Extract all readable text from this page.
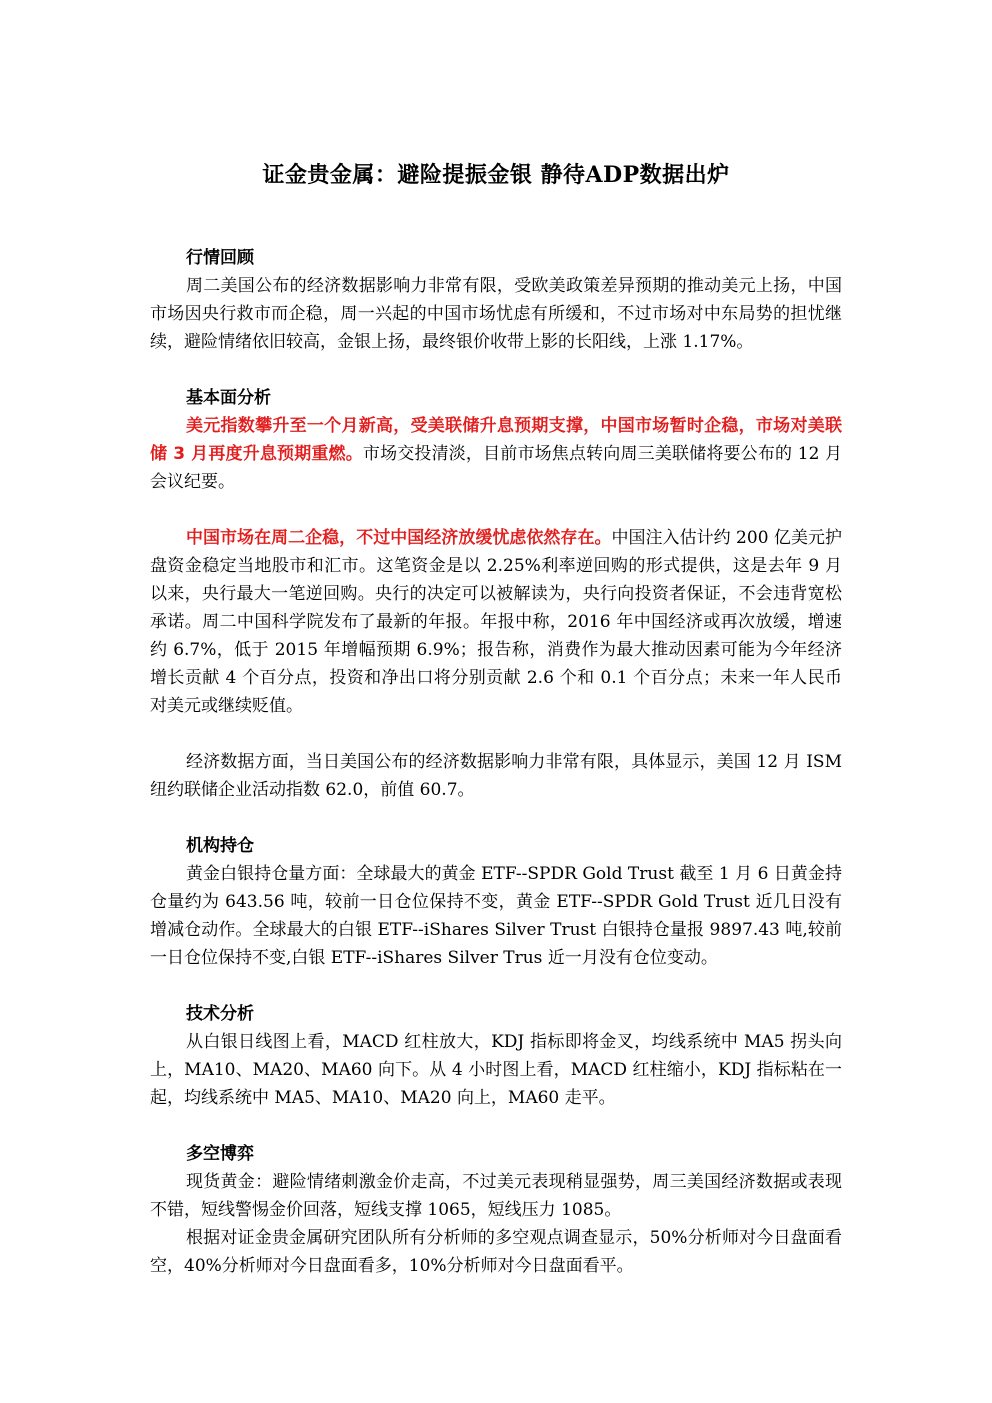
证金贵金属：避险提振金银 静待ADP数据出炉
行情回顾

周二美国公布的经济数据影响力非常有限，受欧美政策差异预期的推动美元上扬，中国市场因央行救市而企稳，周一兴起的中国市场忧虑有所缓和，不过市场对中东局势的担忧继续，避险情绪依旧较高，金银上扬，最终银价收带上影的长阳线，上涨 1.17%。

基本面分析

美元指数攀升至一个月新高，受美联储升息预期支撑，中国市场暂时企稳，市场对美联储 3 月再度升息预期重燃。市场交投清淡，目前市场焦点转向周三美联储将要公布的 12 月会议纪要。

中国市场在周二企稳，不过中国经济放缓忧虑依然存在。中国注入估计约 200 亿美元护盘资金稳定当地股市和汇市。这笔资金是以 2.25%利率逆回购的形式提供，这是去年 9 月以来，央行最大一笔逆回购。央行的决定可以被解读为，央行向投资者保证，不会违背宽松承诺。周二中国科学院发布了最新的年报。年报中称，2016 年中国经济或再次放缓，增速约 6.7%，低于 2015 年增幅预期 6.9%；报告称，消费作为最大推动因素可能为今年经济增长贡献 4 个百分点，投资和净出口将分别贡献 2.6 个和 0.1 个百分点；未来一年人民币对美元或继续贬值。

经济数据方面，当日美国公布的经济数据影响力非常有限，具体显示，美国 12 月 ISM 纽约联储企业活动指数 62.0，前值 60.7。

机构持仓

黄金白银持仓量方面：全球最大的黄金 ETF--SPDR Gold Trust 截至 1 月 6 日黄金持仓量约为 643.56 吨，较前一日仓位保持不变，黄金 ETF--SPDR Gold Trust 近几日没有增减仓动作。全球最大的白银 ETF--iShares Silver Trust 白银持仓量报 9897.43 吨,较前一日仓位保持不变,白银 ETF--iShares Silver Trus 近一月没有仓位变动。

技术分析

从白银日线图上看，MACD 红柱放大，KDJ 指标即将金叉，均线系统中 MA5 拐头向上，MA10、MA20、MA60 向下。从 4 小时图上看，MACD 红柱缩小，KDJ 指标粘在一起，均线系统中 MA5、MA10、MA20 向上，MA60 走平。

多空博弈

现货黄金：避险情绪刺激金价走高，不过美元表现稍显强势，周三美国经济数据或表现不错，短线警惕金价回落，短线支撑 1065，短线压力 1085。

根据对证金贵金属研究团队所有分析师的多空观点调查显示，50%分析师对今日盘面看空，40%分析师对今日盘面看多，10%分析师对今日盘面看平。
